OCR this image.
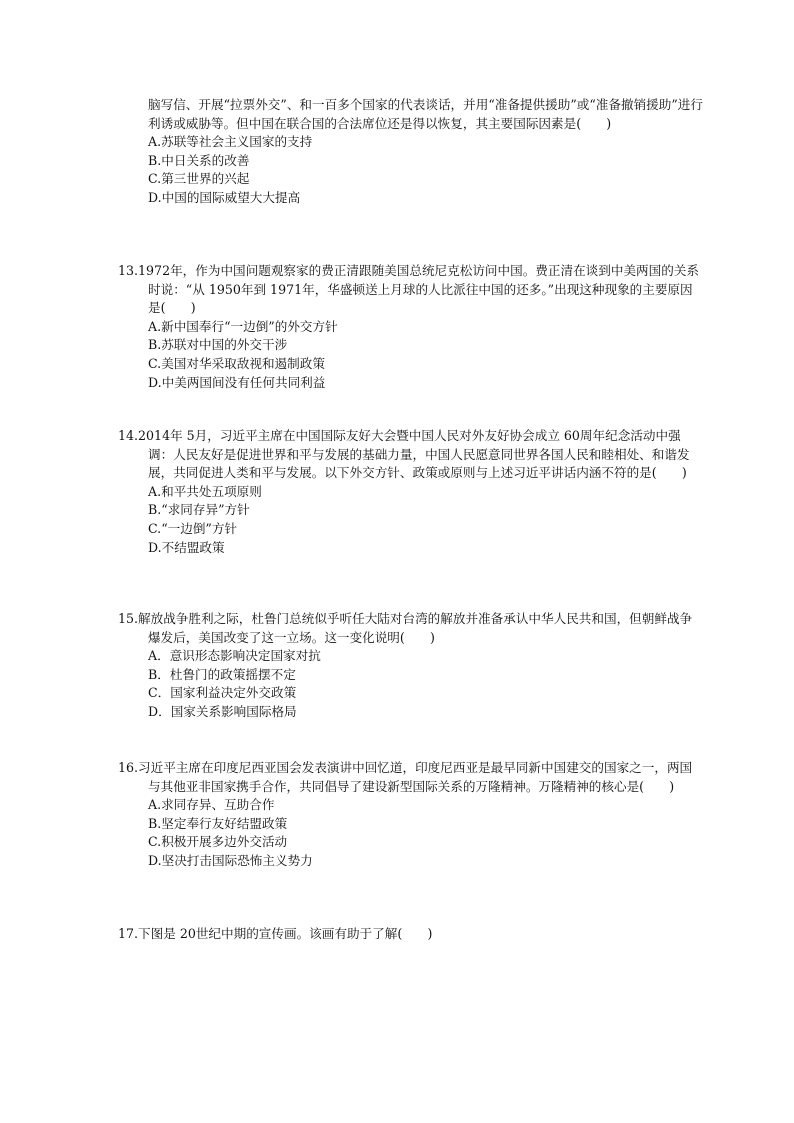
脑写信、开展“拉票外交”、和一百多个国家的代表谈话，并用“准备提供援助”或“准备撤销援助”进行利诱或威胁等。但中国在联合国的合法席位还是得以恢复，其主要国际因素是(　　)

A.苏联等社会主义国家的支持
B.中日关系的改善
C.第三世界的兴起
D.中国的国际威望大大提高

13.1972年，作为中国问题观察家的费正清跟随美国总统尼克松访问中国。费正清在谈到中美两国的关系时说：“从 1950年到 1971年，华盛顿送上月球的人比派往中国的还多。”出现这种现象的主要原因是(　　)

A.新中国奉行“一边倒”的外交方针
B.苏联对中国的外交干涉
C.美国对华采取敌视和遏制政策
D.中美两国间没有任何共同利益

14.2014年 5月，习近平主席在中国国际友好大会暨中国人民对外友好协会成立 60周年纪念活动中强调：人民友好是促进世界和平与发展的基础力量，中国人民愿意同世界各国人民和睦相处、和谐发展，共同促进人类和平与发展。以下外交方针、政策或原则与上述习近平讲话内涵不符的是(　　)

A.和平共处五项原则
B.“求同存异”方针
C.“一边倒”方针
D.不结盟政策

15.解放战争胜利之际，杜鲁门总统似乎听任大陆对台湾的解放并准备承认中华人民共和国，但朝鲜战争爆发后，美国改变了这一立场。这一变化说明(　　)

A．意识形态影响决定国家对抗
B．杜鲁门的政策摇摆不定
C．国家利益决定外交政策
D．国家关系影响国际格局

16.习近平主席在印度尼西亚国会发表演讲中回忆道，印度尼西亚是最早同新中国建交的国家之一，两国与其他亚非国家携手合作，共同倡导了建设新型国际关系的万隆精神。万隆精神的核心是(　　)

A.求同存异、互助合作
B.坚定奉行友好结盟政策
C.积极开展多边外交活动
D.坚决打击国际恐怖主义势力

17.下图是 20世纪中期的宣传画。该画有助于了解(　　)
